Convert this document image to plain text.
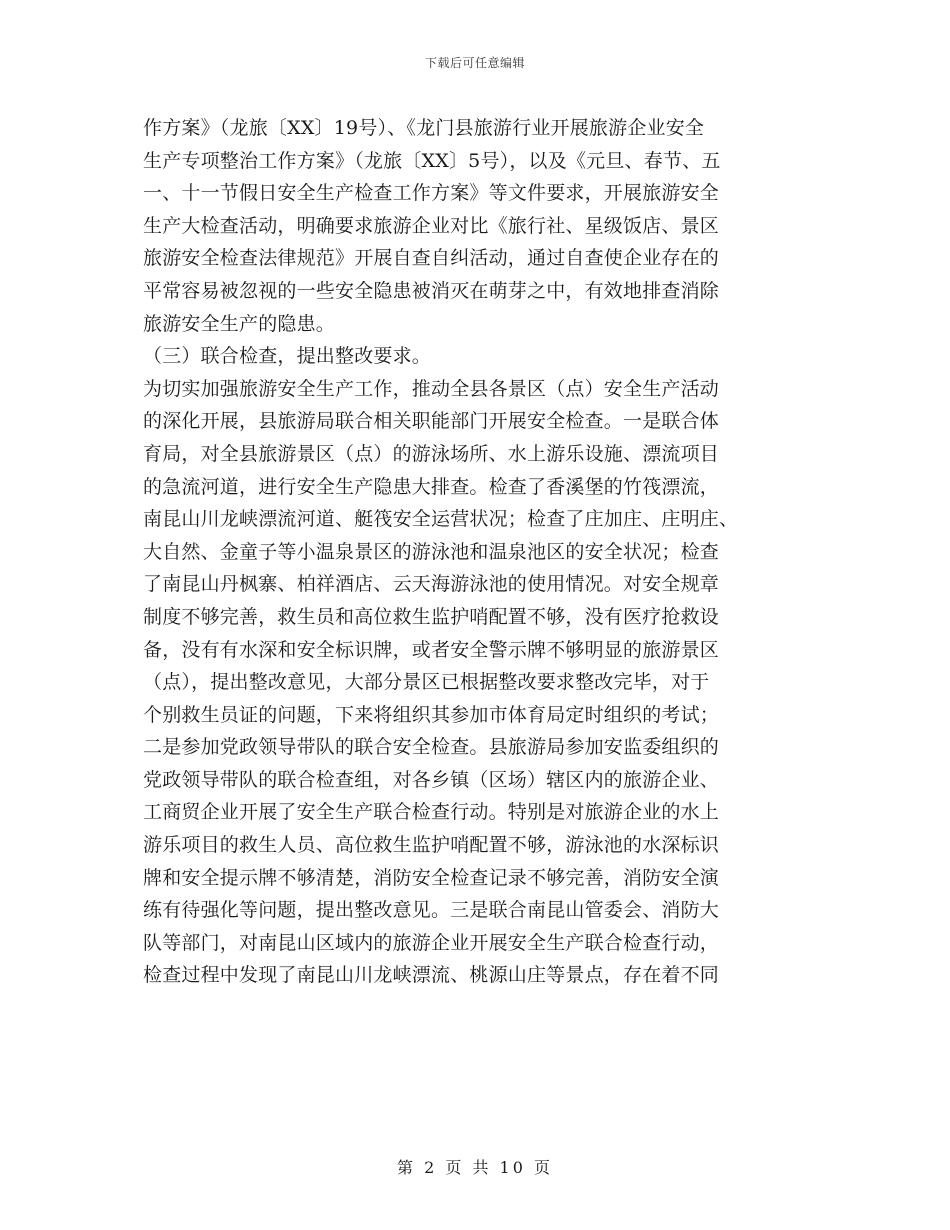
下载后可任意编辑
作方案》（龙旅〔XX〕19号）、《龙门县旅游行业开展旅游企业安全
生产专项整治工作方案》（龙旅〔XX〕5号），以及《元旦、春节、五
一、十一节假日安全生产检查工作方案》等文件要求，开展旅游安全
生产大检查活动，明确要求旅游企业对比《旅行社、星级饭店、景区
旅游安全检查法律规范》开展自查自纠活动，通过自查使企业存在的
平常容易被忽视的一些安全隐患被消灭在萌芽之中，有效地排查消除
旅游安全生产的隐患。
（三）联合检查，提出整改要求。
为切实加强旅游安全生产工作，推动全县各景区（点）安全生产活动
的深化开展，县旅游局联合相关职能部门开展安全检查。一是联合体
育局，对全县旅游景区（点）的游泳场所、水上游乐设施、漂流项目
的急流河道，进行安全生产隐患大排查。检查了香溪堡的竹筏漂流，
南昆山川龙峡漂流河道、艇筏安全运营状况；检查了庄加庄、庄明庄、
大自然、金童子等小温泉景区的游泳池和温泉池区的安全状况；检查
了南昆山丹枫寨、柏祥酒店、云天海游泳池的使用情况。对安全规章
制度不够完善，救生员和高位救生监护哨配置不够，没有医疗抢救设
备，没有有水深和安全标识牌，或者安全警示牌不够明显的旅游景区
（点），提出整改意见，大部分景区已根据整改要求整改完毕，对于
个别救生员证的问题，下来将组织其参加市体育局定时组织的考试；
二是参加党政领导带队的联合安全检查。县旅游局参加安监委组织的
党政领导带队的联合检查组，对各乡镇（区场）辖区内的旅游企业、
工商贸企业开展了安全生产联合检查行动。特别是对旅游企业的水上
游乐项目的救生人员、高位救生监护哨配置不够，游泳池的水深标识
牌和安全提示牌不够清楚，消防安全检查记录不够完善，消防安全演
练有待强化等问题，提出整改意见。三是联合南昆山管委会、消防大
队等部门，对南昆山区域内的旅游企业开展安全生产联合检查行动，
检查过程中发现了南昆山川龙峡漂流、桃源山庄等景点，存在着不同
第 2 页 共 10 页
